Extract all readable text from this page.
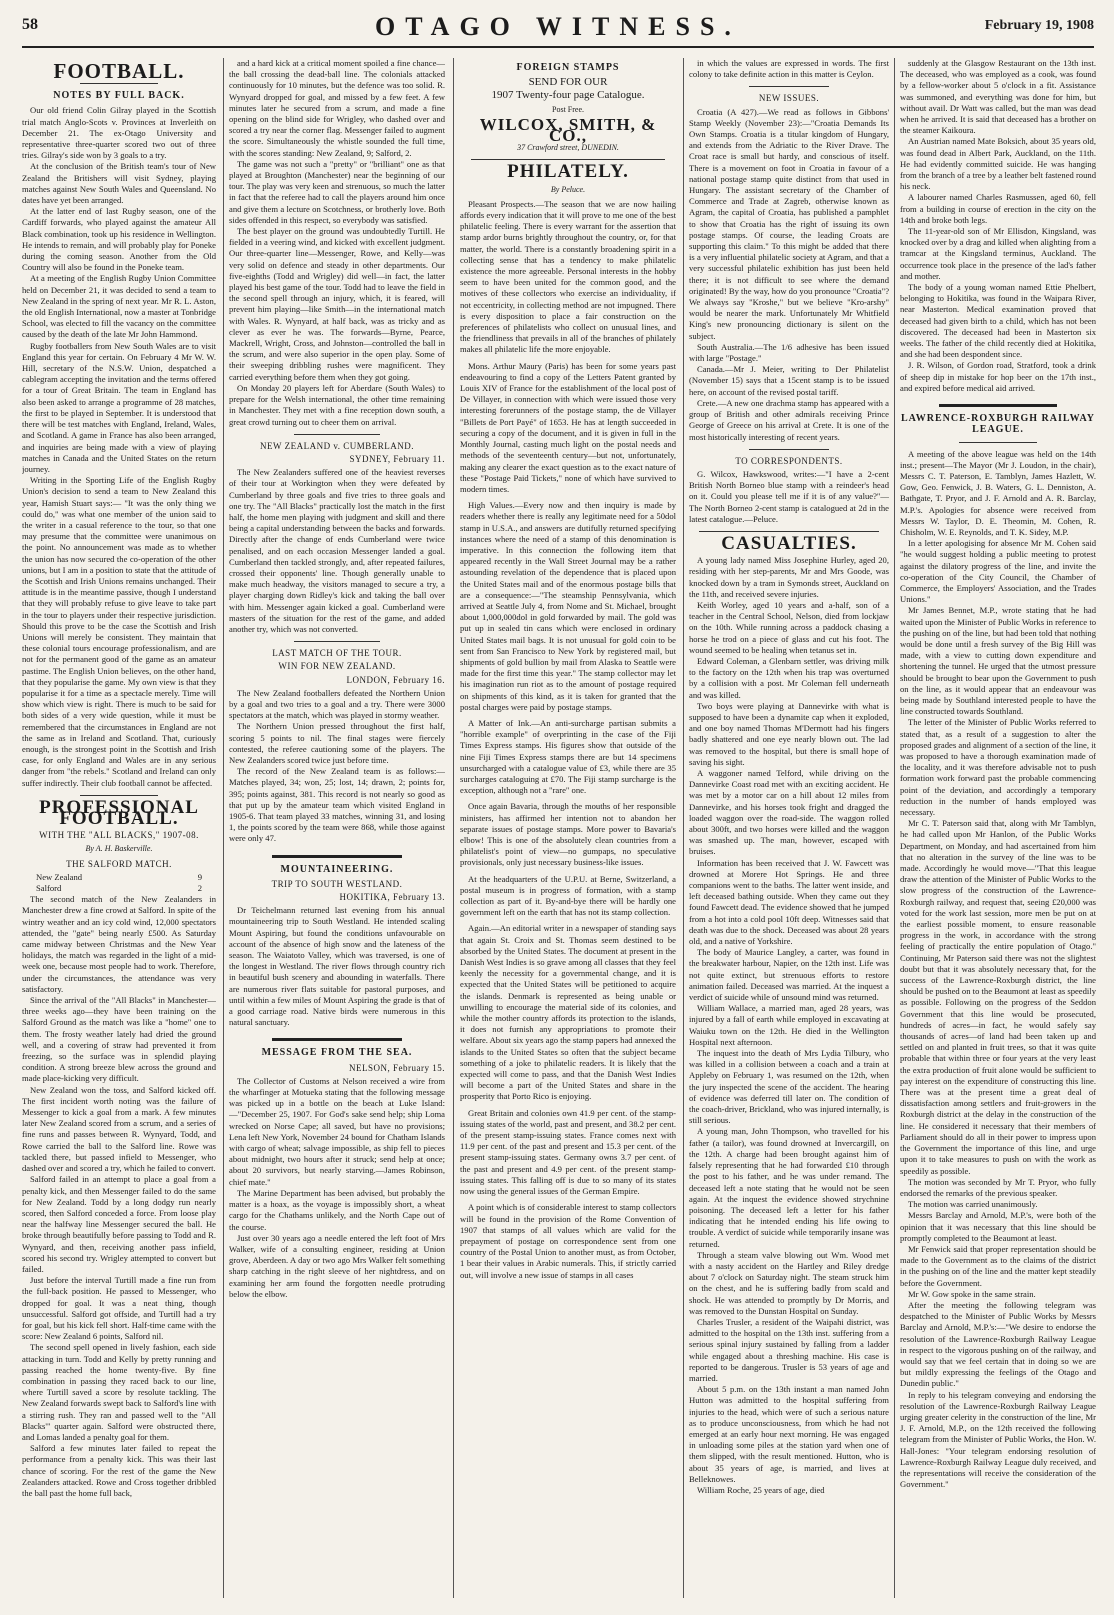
58	OTAGO WITNESS.	February 19, 1908
FOOTBALL.
NOTES BY FULL BACK.

Our old friend Colin Gilray played in the Scottish trial match Anglo-Scots v. Provinces at Inverleith on December 21. The ex-Otago University and representative three-quarter scored two out of three tries. Gilray's side won by 3 goals to a try.

At the conclusion of the British team's tour of New Zealand the Britishers will visit Sydney, playing matches against New South Wales and Queensland. No dates have yet been arranged.

At the latter end of last Rugby season, one of the Cardiff forwards, who played against the amateur All Black combination, took up his residence in Wellington. He intends to remain, and will probably play for Poneke during the coming season. Another from the Old Country will also be found in the Poneke team.

At a meeting of the English Rugby Union Committee held on December 21, it was decided to send a team to New Zealand in the spring of next year. Mr R. L. Aston, the old English International, now a master at Tonbridge School, was elected to fill the vacancy on the committee caused by the death of the late Mr John Hammond.

Rugby footballers from New South Wales are to visit England this year for certain. On February 4 Mr W. W. Hill, secretary of the N.S.W. Union, despatched a cablegram accepting the invitation and the terms offered for a tour of Great Britain. The team in England has also been asked to arrange a programme of 28 matches, the first to be played in September. It is understood that there will be test matches with England, Ireland, Wales, and Scotland. A game in France has also been arranged, and inquiries are being made with a view of playing matches in Canada and the United States on the return journey.

Writing in the Sporting Life of the English Rugby Union's decision to send a team to New Zealand this year, Hamish Stuart says:— "It was the only thing we could do," was what one member of the union said to the writer in a casual reference to the tour, so that one may presume that the committee were unanimous on the point. No announcement was made as to whether the union has now secured the co-operation of the other unions, but I am in a position to state that the attitude of the Scottish and Irish Unions remains unchanged. Their attitude is in the meantime passive, though I understand that they will probably refuse to give leave to take part in the tour to players under their respective jurisdiction. Should this prove to be the case the Scottish and Irish Unions will merely be consistent. They maintain that these colonial tours encourage professionalism, and are not for the permanent good of the game as an amateur pastime. The English Union believes, on the other hand, that they popularise the game. My own view is that they popularise it for a time as a spectacle merely. Time will show which view is right. There is much to be said for both sides of a very wide question, while it must be remembered that the circumstances in England are not the same as in Ireland and Scotland. That, curiously enough, is the strongest point in the Scottish and Irish case, for only England and Wales are in any serious danger from "the rebels." Scotland and Ireland can only suffer indirectly. Their club football cannot be affected.

PROFESSIONAL FOOTBALL.
WITH THE "ALL BLACKS," 1907-08.
By A. H. Baskerville.
THE SALFORD MATCH.
New Zealand	9
Salford	2

The second match of the New Zealanders in Manchester drew a fine crowd at Salford. In spite of the wintry weather and an icy cold wind, 12,000 spectators attended, the "gate" being nearly £500. As Saturday came midway between Christmas and the New Year holidays, the match was regarded in the light of a mid-week one, because most people had to work. Therefore, under the circumstances, the attendance was very satisfactory.

Since the arrival of the "All Blacks" in Manchester—three weeks ago—they have been training on the Salford Ground as the match was like a "home" one to them. The frosty weather lately had dried the ground well, and a covering of straw had prevented it from freezing, so the surface was in splendid playing condition. A strong breeze blew across the ground and made place-kicking very difficult.

New Zealand won the toss, and Salford kicked off. The first incident worth noting was the failure of Messenger to kick a goal from a mark. A few minutes later New Zealand scored from a scrum, and a series of fine runs and passes between R. Wynyard, Todd, and Rowe carried the ball to the Salford line. Rowe was tackled there, but passed infield to Messenger, who dashed over and scored a try, which he failed to convert.

Salford failed in an attempt to place a goal from a penalty kick, and then Messenger failed to do the same for New Zealand. Todd by a long dodgy run nearly scored, then Salford conceded a force. From loose play near the halfway line Messenger secured the ball. He broke through beautifully before passing to Todd and R. Wynyard, and then, receiving another pass infield, scored his second try. Wrigley attempted to convert but failed.

Just before the interval Turtill made a fine run from the full-back position. He passed to Messenger, who dropped for goal. It was a neat thing, though unsuccessful. Salford got offside, and Turtill had a try for goal, but his kick fell short. Half-time came with the score: New Zealand 6 points, Salford nil.

The second spell opened in lively fashion, each side attacking in turn. Todd and Kelly by pretty running and passing reached the home twenty-five. By fine combination in passing they raced back to our line, where Turtill saved a score by resolute tackling. The New Zealand forwards swept back to Salford's line with a stirring rush. They ran and passed well to the "All Blacks'" quarter again. Salford were obstructed there, and Lomas landed a penalty goal for them.

Salford a few minutes later failed to repeat the performance from a penalty kick. This was their last chance of scoring. For the rest of the game the New Zealanders attacked. Rowe and Cross together dribbled the ball past the home full back,

and a hard kick at a critical moment spoiled a fine chance—the ball crossing the dead-ball line. The colonials attacked continuously for 10 minutes, but the defence was too solid. R. Wynyard dropped for goal, and missed by a few feet. A few minutes later he secured from a scrum, and made a fine opening on the blind side for Wrigley, who dashed over and scored a try near the corner flag. Messenger failed to augment the score. Simultaneously the whistle sounded the full time, with the scores standing: New Zealand, 9; Salford, 2.

The game was not such a "pretty" or "brilliant" one as that played at Broughton (Manchester) near the beginning of our tour. The play was very keen and strenuous, so much the latter in fact that the referee had to call the players around him once and give them a lecture on Scotchness, or brotherly love. Both sides offended in this respect, so everybody was satisfied.

The best player on the ground was undoubtedly Turtill. He fielded in a veering wind, and kicked with excellent judgment. Our three-quarter line—Messenger, Rowe, and Kelly—was very solid on defence and steady in other departments. Our five-eighths (Todd and Wrigley) did well—in fact, the latter played his best game of the tour. Todd had to leave the field in the second spell through an injury, which, it is feared, will prevent him playing—like Smith—in the international match with Wales. R. Wynyard, at half back, was as tricky and as clever as ever he was. The forwards—Byrne, Pearce, Mackrell, Wright, Cross, and Johnston—controlled the ball in the scrum, and were also superior in the open play. Some of their sweeping dribbling rushes were magnificent. They carried everything before them when they got going.

On Monday 20 players left for Aberdare (South Wales) to prepare for the Welsh international, the other time remaining in Manchester. They met with a fine reception down south, a great crowd turning out to cheer them on arrival.

NEW ZEALAND v. CUMBERLAND.
SYDNEY, February 11.

The New Zealanders suffered one of the heaviest reverses of their tour at Workington when they were defeated by Cumberland by three goals and five tries to three goals and one try. The "All Blacks" practically lost the match in the first half, the home men playing with judgment and skill and there being a capital understanding between the backs and forwards. Directly after the change of ends Cumberland were twice penalised, and on each occasion Messenger landed a goal. Cumberland then tackled strongly, and, after repeated failures, crossed their opponents' line. Though generally unable to make much headway, the visitors managed to secure a try, a player charging down Ridley's kick and taking the ball over with him. Messenger again kicked a goal. Cumberland were masters of the situation for the rest of the game, and added another try, which was not converted.

LAST MATCH OF THE TOUR.
WIN FOR NEW ZEALAND.
LONDON, February 16.

The New Zealand footballers defeated the Northern Union by a goal and two tries to a goal and a try. There were 3000 spectators at the match, which was played in stormy weather.

The Northern Union pressed throughout the first half, scoring 5 points to nil. The final stages were fiercely contested, the referee cautioning some of the players. The New Zealanders scored twice just before time.

The record of the New Zealand team is as follows:—Matches played, 34; won, 25; lost, 14; drawn, 2; points for, 395; points against, 381. This record is not nearly so good as that put up by the amateur team which visited England in 1905-6. That team played 33 matches, winning 31, and losing 1, the points scored by the team were 868, while those against were only 47.

MOUNTAINEERING.
TRIP TO SOUTH WESTLAND.
HOKITIKA, February 13.

Dr Teichelmann returned last evening from his annual mountaineering trip to South Westland. He intended scaling Mount Aspiring, but found the conditions unfavourable on account of the absence of high snow and the lateness of the season. The Waiatoto Valley, which was traversed, is one of the longest in Westland. The river flows through country rich in beautiful bush scenery and abounding in waterfalls. There are numerous river flats suitable for pastoral purposes, and until within a few miles of Mount Aspiring the grade is that of a good carriage road. Native birds were numerous in this natural sanctuary.

MESSAGE FROM THE SEA.
NELSON, February 15.

The Collector of Customs at Nelson received a wire from the wharfinger at Motueka stating that the following message was picked up in a bottle on the beach at Luke Island:—"December 25, 1907. For God's sake send help; ship Loma wrecked on Norse Cape; all saved, but have no provisions; Lena left New York, November 24 bound for Chatham Islands with cargo of wheat; salvage impossible, as ship fell to pieces about midnight, two hours after it struck; send help at once; about 20 survivors, but nearly starving.—James Robinson, chief mate."

The Marine Department has been advised, but probably the matter is a hoax, as the voyage is impossibly short, a wheat cargo for the Chathams unlikely, and the North Cape out of the course.

Just over 30 years ago a needle entered the left foot of Mrs Walker, wife of a consulting engineer, residing at Union grove, Aberdeen. A day or two ago Mrs Walker felt something sharp catching in the right sleeve of her nightdress, and on examining her arm found the forgotten needle protruding below the elbow.

FOREIGN STAMPS
SEND FOR OUR
1907 Twenty-four page Catalogue.
Post Free.
WILCOX, SMITH, & CO.,
37 Crawford street, DUNEDIN.
PHILATELY.
By Peluce.

Pleasant Prospects.—The season that we are now hailing affords every indication that it will prove to me one of the best philatelic feeling. There is every warrant for the assertion that stamp ardor burns brightly throughout the country, or, for that matter, the world. There is a constantly broadening spirit in a collecting sense that has a tendency to make philatelic existence the more agreeable. Personal interests in the hobby seem to have been united for the common good, and the motives of these collectors who exercise an individuality, if not eccentricity, in collecting method are not impugned. There is every disposition to place a fair construction on the preferences of philatelists who collect on unusual lines, and the friendliness that prevails in all of the branches of philately makes all philatelic life the more enjoyable.

Mons. Arthur Maury (Paris) has been for some years past endeavouring to find a copy of the Letters Patent granted by Louis XIV of France for the establishment of the local post of De Villayer, in connection with which were issued those very interesting forerunners of the postage stamp, the de Villayer "Billets de Port Payé" of 1653. He has at length succeeded in securing a copy of the document, and it is given in full in the Monthly Journal, casting much light on the postal needs and methods of the seventeenth century—but not, unfortunately, making any clearer the exact question as to the exact nature of these "Postage Paid Tickets," none of which have survived to modern times.

High Values.—Every now and then inquiry is made by readers whether there is really any legitimate need for a 50dol stamp in U.S.A., and answers are dutifully returned specifying instances where the need of a stamp of this denomination is imperative. In this connection the following item that appeared recently in the Wall Street Journal may be a rather astounding revelation of the dependence that is placed upon the United States mail and of the enormous postage bills that are a consequence:—"The steamship Pennsylvania, which arrived at Seattle July 4, from Nome and St. Michael, brought about 1,000,000dol in gold forwarded by mail. The gold was put up in sealed tin cans which were enclosed in ordinary United States mail bags. It is not unusual for gold coin to be sent from San Francisco to New York by registered mail, but shipments of gold bullion by mail from Alaska to Seattle were made for the first time this year." The stamp collector may let his imagination run riot as to the amount of postage required on shipments of this kind, as it is taken for granted that the postal charges were paid by postage stamps.

A Matter of Ink.—An anti-surcharge partisan submits a "horrible example" of overprinting in the case of the Fiji Times Express stamps. His figures show that outside of the nine Fiji Times Express stamps there are but 14 specimens unsurcharged with a catalogue value of £3, while there are 35 surcharges cataloguing at £70. The Fiji stamp surcharge is the exception, although not a "rare" one.

Once again Bavaria, through the mouths of her responsible ministers, has affirmed her intention not to abandon her separate issues of postage stamps. More power to Bavaria's elbow! This is one of the absolutely clean countries from a philatelist's point of view—no gumpaps, no speculative provisionals, only just necessary business-like issues.

At the headquarters of the U.P.U. at Berne, Switzerland, a postal museum is in progress of formation, with a stamp collection as part of it. By-and-bye there will be hardly one government left on the earth that has not its stamp collection.

Again.—An editorial writer in a newspaper of standing says that again St. Croix and St. Thomas seem destined to be absorbed by the United States. The document at present in the Danish West Indies is so grave among all classes that they feel keenly the necessity for a governmental change, and it is expected that the United States will be petitioned to acquire the islands. Denmark is represented as being unable or unwilling to encourage the material side of its colonies, and while the mother country affords its protection to the islands, it does not furnish any appropriations to promote their welfare. About six years ago the stamp papers had annexed the islands to the United States so often that the subject became something of a joke to philatelic readers. It is likely that the expected will come to pass, and that the Danish West Indies will become a part of the United States and share in the prosperity that Porto Rico is enjoying.

Great Britain and colonies own 41.9 per cent. of the stamp-issuing states of the world, past and present, and 38.2 per cent. of the present stamp-issuing states. France comes next with 11.9 per cent. of the past and present and 15.3 per cent. of the present stamp-issuing states. Germany owns 3.7 per cent. of the past and present and 4.9 per cent. of the present stamp-issuing states. This falling off is due to so many of its states now using the general issues of the German Empire.

A point which is of considerable interest to stamp collectors will be found in the provision of the Rome Convention of 1907 that stamps of all values which are valid for the prepayment of postage on correspondence sent from one country of the Postal Union to another must, as from October, 1 bear their values in Arabic numerals. This, if strictly carried out, will involve a new issue of stamps in all cases

in which the values are expressed in words. The first colony to take definite action in this matter is Ceylon.

NEW ISSUES.

Croatia (A 427).—We read as follows in Gibbons' Stamp Weekly (November 23):—"Croatia Demands Its Own Stamps. Croatia is a titular kingdom of Hungary, and extends from the Adriatic to the River Drave. The Croat race is small but hardy, and conscious of itself. There is a movement on foot in Croatia in favour of a national postage stamp quite distinct from that used in Hungary. The assistant secretary of the Chamber of Commerce and Trade at Zagreb, otherwise known as Agram, the capital of Croatia, has published a pamphlet to show that Croatia has the right of issuing its own postage stamps. Of course, the leading Croats are supporting this claim." To this might be added that there is a very influential philatelic society at Agram, and that a very successful philatelic exhibition has just been held there; it is not difficult to see where the demand originated! By the way, how do you pronounce "Croatia"? We always say "Kroshe," but we believe "Kro-arshy" would be nearer the mark. Unfortunately Mr Whitfield King's new pronouncing dictionary is silent on the subject.

South Australia.—The 1/6 adhesive has been issued with large "Postage."

Canada.—Mr J. Meier, writing to Der Philatelist (November 15) says that a 15cent stamp is to be issued here, on account of the revised postal tariff.

Crete.—A new one drachma stamp has appeared with a group of British and other admirals receiving Prince George of Greece on his arrival at Crete. It is one of the most historically interesting of recent years.

TO CORRESPONDENTS.

G. Wilcox, Hawkswood, writes:—"I have a 2-cent British North Borneo blue stamp with a reindeer's head on it. Could you please tell me if it is of any value?"—The North Borneo 2-cent stamp is catalogued at 2d in the latest catalogue.—Peluce.

CASUALTIES.

A young lady named Miss Josephine Hurley, aged 20, residing with her step-parents, Mr and Mrs Goode, was knocked down by a tram in Symonds street, Auckland on the 11th, and received severe injuries.

Keith Worley, aged 10 years and a-half, son of a teacher in the Central School, Nelson, died from lockjaw on the 10th. While running across a paddock chasing a horse he trod on a piece of glass and cut his foot. The wound seemed to be healing when tetanus set in.

Edward Coleman, a Glenbarn settler, was driving milk to the factory on the 12th when his trap was overturned by a collision with a post. Mr Coleman fell underneath and was killed.

Two boys were playing at Dannevirke with what is supposed to have been a dynamite cap when it exploded, and one boy named Thomas M'Dermott had his fingers badly shattered and one eye nearly blown out. The lad was removed to the hospital, but there is small hope of saving his sight.

A waggoner named Telford, while driving on the Dannevirke Coast road met with an exciting accident. He was met by a motor car on a hill about 12 miles from Dannevirke, and his horses took fright and dragged the loaded waggon over the road-side. The waggon rolled about 300ft, and two horses were killed and the waggon was smashed up. The man, however, escaped with bruises.

Information has been received that J. W. Fawcett was drowned at Morere Hot Springs. He and three companions went to the baths. The latter went inside, and left deceased bathing outside. When they came out they found Fawcett dead. The evidence showed that he jumped from a hot into a cold pool 10ft deep. Witnesses said that death was due to the shock. Deceased was about 28 years old, and a native of Yorkshire.

The body of Maurice Langley, a carter, was found in the breakwater harbour, Napier, on the 12th inst. Life was not quite extinct, but strenuous efforts to restore animation failed. Deceased was married. At the inquest a verdict of suicide while of unsound mind was returned.

William Wallace, a married man, aged 28 years, was injured by a fall of earth while employed in excavating at Waiuku town on the 12th. He died in the Wellington Hospital next afternoon.

The inquest into the death of Mrs Lydia Tilbury, who was killed in a collision between a coach and a train at Appleby on February 1, was resumed on the 12th, when the jury inspected the scene of the accident. The hearing of evidence was deferred till later on. The condition of the coach-driver, Brickland, who was injured internally, is still serious.

A young man, John Thompson, who travelled for his father (a tailor), was found drowned at Invercargill, on the 12th. A charge had been brought against him of falsely representing that he had forwarded £10 through the post to his father, and he was under remand. The deceased left a note stating that he would not be seen again. At the inquest the evidence showed strychnine poisoning. The deceased left a letter for his father indicating that he intended ending his life owing to trouble. A verdict of suicide while temporarily insane was returned.

Through a steam valve blowing out Wm. Wood met with a nasty accident on the Hartley and Riley dredge about 7 o'clock on Saturday night. The steam struck him on the chest, and he is suffering badly from scald and shock. He was attended to promptly by Dr Morris, and was removed to the Dunstan Hospital on Sunday.

Charles Trusler, a resident of the Waipahi district, was admitted to the hospital on the 13th inst. suffering from a serious spinal injury sustained by falling from a ladder while engaged about a threshing machine. His case is reported to be dangerous. Trusler is 53 years of age and married.

About 5 p.m. on the 13th instant a man named John Hutton was admitted to the hospital suffering from injuries to the head, which were of such a serious nature as to produce unconsciousness, from which he had not emerged at an early hour next morning. He was engaged in unloading some piles at the station yard when one of them slipped, with the result mentioned. Hutton, who is about 35 years of age, is married, and lives at Belleknowes.

William Roche, 25 years of age, died

suddenly at the Glasgow Restaurant on the 13th inst. The deceased, who was employed as a cook, was found by a fellow-worker about 5 o'clock in a fit. Assistance was summoned, and everything was done for him, but without avail. Dr Watt was called, but the man was dead when he arrived. It is said that deceased has a brother on the steamer Kaikoura.

An Austrian named Mate Boksich, about 35 years old, was found dead in Albert Park, Auckland, on the 11th. He had evidently committed suicide. He was hanging from the branch of a tree by a leather belt fastened round his neck.

A labourer named Charles Rasmussen, aged 60, fell from a building in course of erection in the city on the 14th and broke both legs.

The 11-year-old son of Mr Ellisdon, Kingsland, was knocked over by a drag and killed when alighting from a tramcar at the Kingsland terminus, Auckland. The occurrence took place in the presence of the lad's father and mother.

The body of a young woman named Ettie Phelbert, belonging to Hokitika, was found in the Waipara River, near Masterton. Medical examination proved that deceased had given birth to a child, which has not been discovered. The deceased had been in Masterton six weeks. The father of the child recently died at Hokitika, and she had been despondent since.

J. R. Wilson, of Gordon road, Stratford, took a drink of sheep dip in mistake for hop beer on the 17th inst., and expired before medical aid arrived.

LAWRENCE-ROXBURGH RAILWAY LEAGUE.

A meeting of the above league was held on the 14th inst.; present—The Mayor (Mr J. Loudon, in the chair), Messrs C. T. Paterson, E. Tamblyn, James Hazlett, W. Gow, Geo. Fenwick, J. B. Waters, G. L. Denniston, A. Bathgate, T. Pryor, and J. F. Arnold and A. R. Barclay, M.P.'s. Apologies for absence were received from Messrs W. Taylor, D. E. Theomin, M. Cohen, R. Chisholm, W. E. Reynolds, and T. K. Sidey, M.P.

In a letter apologising for absence Mr M. Cohen said "he would suggest holding a public meeting to protest against the dilatory progress of the line, and invite the co-operation of the City Council, the Chamber of Commerce, the Employers' Association, and the Trades Unions."

Mr James Bennet, M.P., wrote stating that he had waited upon the Minister of Public Works in reference to the pushing on of the line, but had been told that nothing would be done until a fresh survey of the Big Hill was made, with a view to cutting down expenditure and shortening the tunnel. He urged that the utmost pressure should be brought to bear upon the Government to push on the line, as it would appear that an endeavour was being made by Southland interested people to have the line constructed towards Southland.

The letter of the Minister of Public Works referred to stated that, as a result of a suggestion to alter the proposed grades and alignment of a section of the line, it was proposed to have a thorough examination made of the locality, and it was therefore advisable not to push formation work forward past the probable commencing point of the deviation, and accordingly a temporary reduction in the number of hands employed was necessary.

Mr C. T. Paterson said that, along with Mr Tamblyn, he had called upon Mr Hanlon, of the Public Works Department, on Monday, and had ascertained from him that no alteration in the survey of the line was to be made. Accordingly he would move—"That this league draw the attention of the Minister of Public Works to the slow progress of the construction of the Lawrence-Roxburgh railway, and request that, seeing £20,000 was voted for the work last session, more men be put on at the earliest possible moment, to ensure reasonable progress in the work, in accordance with the strong feeling of practically the entire population of Otago." Continuing, Mr Paterson said there was not the slightest doubt but that it was absolutely necessary that, for the success of the Lawrence-Roxburgh district, the line should be pushed on to the Beaumont at least as speedily as possible. Following on the progress of the Seddon Government that this line would be prosecuted, hundreds of acres—in fact, he would safely say thousands of acres—of land had been taken up and settled on and planted in fruit trees, so that it was quite probable that within three or four years at the very least the extra production of fruit alone would be sufficient to pay interest on the expenditure of constructing this line. There was at the present time a great deal of dissatisfaction among settlers and fruit-growers in the Roxburgh district at the delay in the construction of the line. He considered it necessary that their members of Parliament should do all in their power to impress upon the Government the importance of this line, and urge upon it to take measures to push on with the work as speedily as possible.

The motion was seconded by Mr T. Pryor, who fully endorsed the remarks of the previous speaker.

The motion was carried unanimously.

Messrs Barclay and Arnold, M.P.'s, were both of the opinion that it was necessary that this line should be promptly completed to the Beaumont at least.

Mr Fenwick said that proper representation should be made to the Government as to the claims of the district in the pushing on of the line and the matter kept steadily before the Government.

Mr W. Gow spoke in the same strain.

After the meeting the following telegram was despatched to the Minister of Public Works by Messrs Barclay and Arnold, M.P.'s:—"We desire to endorse the resolution of the Lawrence-Roxburgh Railway League in respect to the vigorous pushing on of the railway, and would say that we feel certain that in doing so we are but mildly expressing the feelings of the Otago and Dunedin public."

In reply to his telegram conveying and endorsing the resolution of the Lawrence-Roxburgh Railway League urging greater celerity in the construction of the line, Mr J. F. Arnold, M.P., on the 12th received the following telegram from the Minister of Public Works, the Hon. W. Hall-Jones: "Your telegram endorsing resolution of Lawrence-Roxburgh Railway League duly received, and the representations will receive the consideration of the Government."
